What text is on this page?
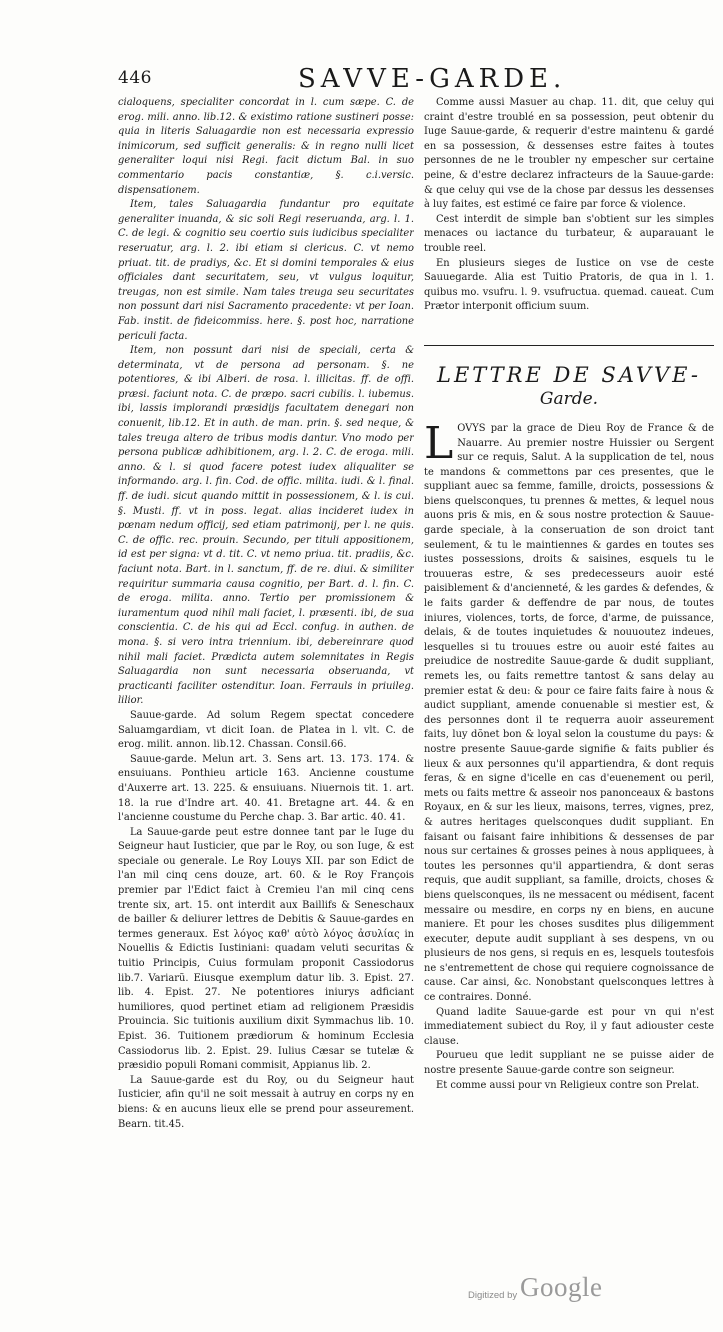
446	SAVVE-GARDE.

cialoquens, specialiter concordat in l. cum sæpe. C. de erog. mili. anno. lib.12. & existimo ratione sustineri posse: quia in literis Saluagardie non est necessaria expressio inimicorum, sed sufficit generalis: & in regno nulli licet generaliter loqui nisi Regi. facit dictum Bal. in suo commentario pacis constantiæ, §. c.i.versic. dispensationem.

Item, tales Saluagardia fundantur pro equitate generaliter inuanda, & sic soli Regi reseruanda, arg. l. 1. C. de legi. & cognitio seu coertio suis iudicibus specialiter reseruatur, arg. l. 2. ibi etiam si clericus. C. vt nemo priuat. tit. de pradiys, &c. Et si domini temporales & eius officiales dant securitatem, seu, vt vulgus loquitur, treugas, non est simile. Nam tales treuga seu securitates non possunt dari nisi Sacramento pracedente: vt per Ioan. Fab. instit. de fideicommiss. here. §. post hoc, narratione periculi facta.

Item, non possunt dari nisi de speciali, certa & determinata, vt de persona ad personam. §. ne potentiores, & ibi Alberi. de rosa. l. illicitas. ff. de offi. præsi. faciunt nota. C. de præpo. sacri cubilis. l. iubemus. ibi, lassis implorandi præsidijs facultatem denegari non conuenit, lib.12. Et in auth. de man. prin. §. sed neque, & tales treuga altero de tribus modis dantur. Vno modo per persona publicæ adhibitionem, arg. l. 2. C. de eroga. mili. anno. & l. si quod facere potest iudex aliqualiter se informando. arg. l. fin. Cod. de offic. milita. iudi. & l. final. ff. de iudi. sicut quando mittit in possessionem, & l. is cui. §. Musti. ff. vt in poss. legat. alias incideret iudex in pœnam nedum officij, sed etiam patrimonij, per l. ne quis. C. de offic. rec. prouin. Secundo, per tituli appositionem, id est per signa: vt d. tit. C. vt nemo priua. tit. pradiis, &c. faciunt nota. Bart. in l. sanctum, ff. de re. diui. & similiter requiritur summaria causa cognitio, per Bart. d. l. fin. C. de eroga. milita. anno. Tertio per promissionem & iuramentum quod nihil mali faciet, l. præsenti. ibi, de sua conscientia. C. de his qui ad Eccl. confug. in authen. de mona. §. si vero intra triennium. ibi, debereinrare quod nihil mali faciet. Prædicta autem solemnitates in Regis Saluagardia non sunt necessaria obseruanda, vt practicanti faciliter ostenditur. Ioan. Ferrauls in priuileg. lilior.

Sauue-garde. Ad solum Regem spectat concedere Saluamgardiam, vt dicit Ioan. de Platea in l. vlt. C. de erog. milit. annon. lib.12. Chassan. Consil.66.

Sauue-garde. Melun art. 3. Sens art. 13. 173. 174. & ensuiuans. Ponthieu article 163. Ancienne coustume d'Auxerre art. 13. 225. & ensuiuans. Niuernois tit. 1. art. 18. la rue d'Indre art. 40. 41. Bretagne art. 44. & en l'ancienne coustume du Perche chap. 3. Bar artic. 40. 41.

La Sauue-garde peut estre donnee tant par le Iuge du Seigneur haut Iusticier, que par le Roy, ou son Iuge, & est speciale ou generale. Le Roy Louys XII. par son Edict de l'an mil cinq cens douze, art. 60. & le Roy François premier par l'Edict faict à Cremieu l'an mil cinq cens trente six, art. 15. ont interdit aux Baillifs & Seneschaux de bailler & deliurer lettres de Debitis & Sauue-gardes en termes generaux. Est λόγος καθ' αὐτὸ λόγος ἀσυλίας in Nouellis & Edictis Iustiniani: quadam veluti securitas & tuitio Principis, Cuius formulam proponit Cassiodorus lib.7. Variarũ. Eiusque exemplum datur lib. 3. Epist. 27. lib. 4. Epist. 27. Ne potentiores iniurys adficiant humiliores, quod pertinet etiam ad religionem Præsidis Prouincia. Sic tuitionis auxilium dixit Symmachus lib. 10. Epist. 36. Tuitionem prædiorum & hominum Ecclesia Cassiodorus lib. 2. Epist. 29. Iulius Cæsar se tutelæ & præsidio populi Romani commisit, Appianus lib. 2.

La Sauue-garde est du Roy, ou du Seigneur haut Iusticier, afin qu'il ne soit messait à autruy en corps ny en biens: & en aucuns lieux elle se prend pour asseurement. Bearn. tit.45.

Comme aussi Masuer au chap. 11. dit, que celuy qui craint d'estre troublé en sa possession, peut obtenir du Iuge Sauue-garde, & requerir d'estre maintenu & gardé en sa possession, & dessenses estre faites à toutes personnes de ne le troubler ny empescher sur certaine peine, & d'estre declarez infracteurs de la Sauue-garde: & que celuy qui vse de la chose par dessus les dessenses à luy faites, est estimé ce faire par force & violence.

Cest interdit de simple ban s'obtient sur les simples menaces ou iactance du turbateur, & auparauant le trouble reel.

En plusieurs sieges de Iustice on vse de ceste Sauuegarde. Alia est Tuitio Pratoris, de qua in l. 1. quibus mo. vsufru. l. 9. vsufructua. quemad. caueat. Cum Prætor interponit officium suum.

LETTRE DE SAVVE-
Garde.

LOVYS par la grace de Dieu Roy de France & de Nauarre. Au premier nostre Huissier ou Sergent sur ce requis, Salut. A la supplication de tel, nous te mandons & commettons par ces presentes, que le suppliant auec sa femme, famille, droicts, possessions & biens quelsconques, tu prennes & mettes, & lequel nous auons pris & mis, en & sous nostre protection & Sauue-garde speciale, à la conseruation de son droict tant seulement, & tu le maintiennes & gardes en toutes ses iustes possessions, droits & saisines, esquels tu le trouueras estre, & ses predecesseurs auoir esté paisiblement & d'ancienneté, & les gardes & defendes, & le faits garder & deffendre de par nous, de toutes iniures, violences, torts, de force, d'arme, de puissance, delais, & de toutes inquietudes & nouuoutez indeues, lesquelles si tu trouues estre ou auoir esté faites au preiudice de nostredite Sauue-garde & dudit suppliant, remets les, ou faits remettre tantost & sans delay au premier estat & deu: & pour ce faire faits faire à nous & audict suppliant, amende conuenable si mestier est, & des personnes dont il te requerra auoir asseurement faits, luy dõnet bon & loyal selon la coustume du pays: & nostre presente Sauue-garde signifie & faits publier és lieux & aux personnes qu'il appartiendra, & dont requis feras, & en signe d'icelle en cas d'euenement ou peril, mets ou faits mettre & asseoir nos panonceaux & bastons Royaux, en & sur les lieux, maisons, terres, vignes, prez, & autres heritages quelsconques dudit suppliant. En faisant ou faisant faire inhibitions & dessenses de par nous sur certaines & grosses peines à nous appliquees, à toutes les personnes qu'il appartiendra, & dont seras requis, que audit suppliant, sa famille, droicts, choses & biens quelsconques, ils ne messacent ou médisent, facent messaire ou mesdire, en corps ny en biens, en aucune maniere. Et pour les choses susdites plus diligemment executer, depute audit suppliant à ses despens, vn ou plusieurs de nos gens, si requis en es, lesquels toutesfois ne s'entremettent de chose qui requiere cognoissance de cause. Car ainsi, &c. Nonobstant quelsconques lettres à ce contraires. Donné.

Quand ladite Sauue-garde est pour vn qui n'est immediatement subiect du Roy, il y faut adiouster ceste clause.

Pourueu que ledit suppliant ne se puisse aider de nostre presente Sauue-garde contre son seigneur.

Et comme aussi pour vn Religieux contre son Prelat.

Digitized by Google
